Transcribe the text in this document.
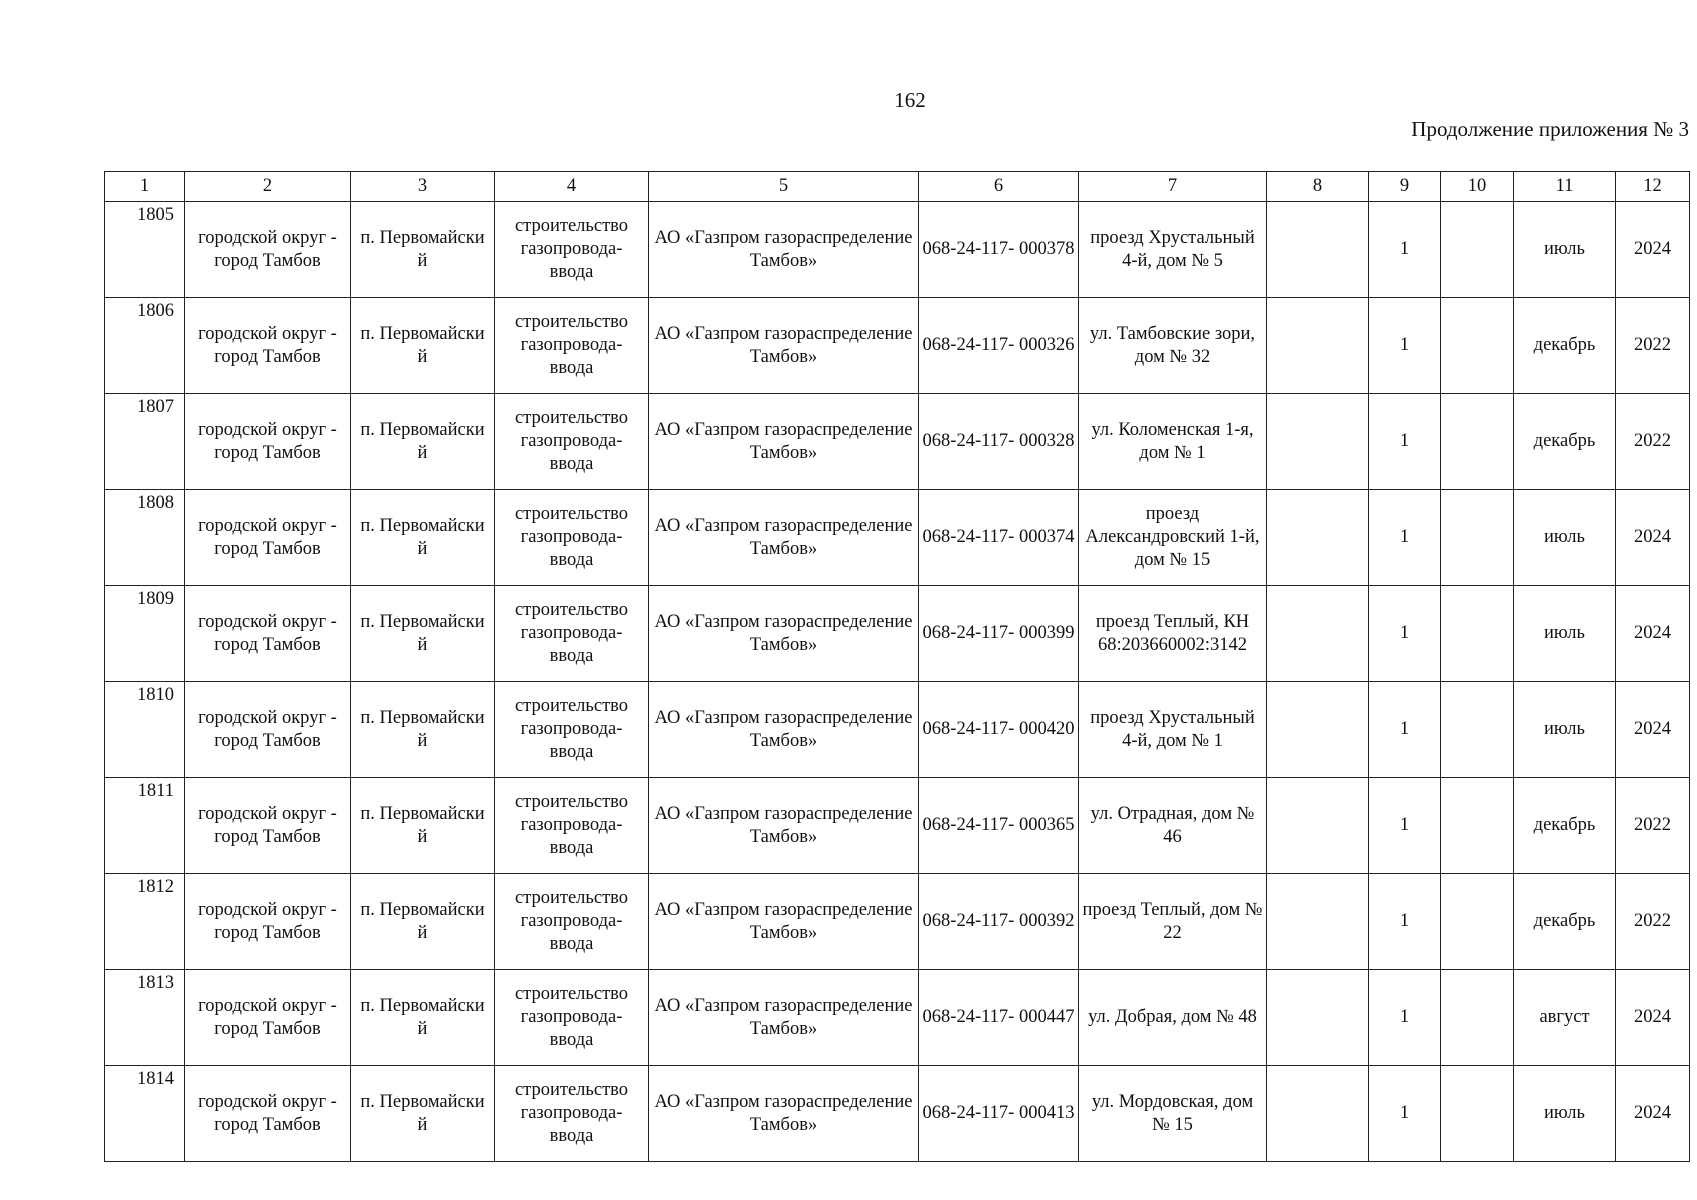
162
Продолжение приложения № 3
1	2	3	4	5	6	7	8	9	10	11	12
1805	городской округ - город Тамбов	п. Первомайски й	строительство газопровода- ввода	АО «Газпром газораспределение Тамбов»	068-24-117- 000378	проезд Хрустальный 4-й, дом № 5		1		июль	2024
1806	городской округ - город Тамбов	п. Первомайски й	строительство газопровода- ввода	АО «Газпром газораспределение Тамбов»	068-24-117- 000326	ул. Тамбовские зори, дом № 32		1		декабрь	2022
1807	городской округ - город Тамбов	п. Первомайски й	строительство газопровода- ввода	АО «Газпром газораспределение Тамбов»	068-24-117- 000328	ул. Коломенская 1-я, дом № 1		1		декабрь	2022
1808	городской округ - город Тамбов	п. Первомайски й	строительство газопровода- ввода	АО «Газпром газораспределение Тамбов»	068-24-117- 000374	проезд Александровский 1-й, дом № 15		1		июль	2024
1809	городской округ - город Тамбов	п. Первомайски й	строительство газопровода- ввода	АО «Газпром газораспределение Тамбов»	068-24-117- 000399	проезд Теплый, КН 68:203660002:3142		1		июль	2024
1810	городской округ - город Тамбов	п. Первомайски й	строительство газопровода- ввода	АО «Газпром газораспределение Тамбов»	068-24-117- 000420	проезд Хрустальный 4-й, дом № 1		1		июль	2024
1811	городской округ - город Тамбов	п. Первомайски й	строительство газопровода- ввода	АО «Газпром газораспределение Тамбов»	068-24-117- 000365	ул. Отрадная, дом № 46		1		декабрь	2022
1812	городской округ - город Тамбов	п. Первомайски й	строительство газопровода- ввода	АО «Газпром газораспределение Тамбов»	068-24-117- 000392	проезд Теплый, дом № 22		1		декабрь	2022
1813	городской округ - город Тамбов	п. Первомайски й	строительство газопровода- ввода	АО «Газпром газораспределение Тамбов»	068-24-117- 000447	ул. Добрая, дом № 48		1		август	2024
1814	городской округ - город Тамбов	п. Первомайски й	строительство газопровода- ввода	АО «Газпром газораспределение Тамбов»	068-24-117- 000413	ул. Мордовская, дом № 15		1		июль	2024
